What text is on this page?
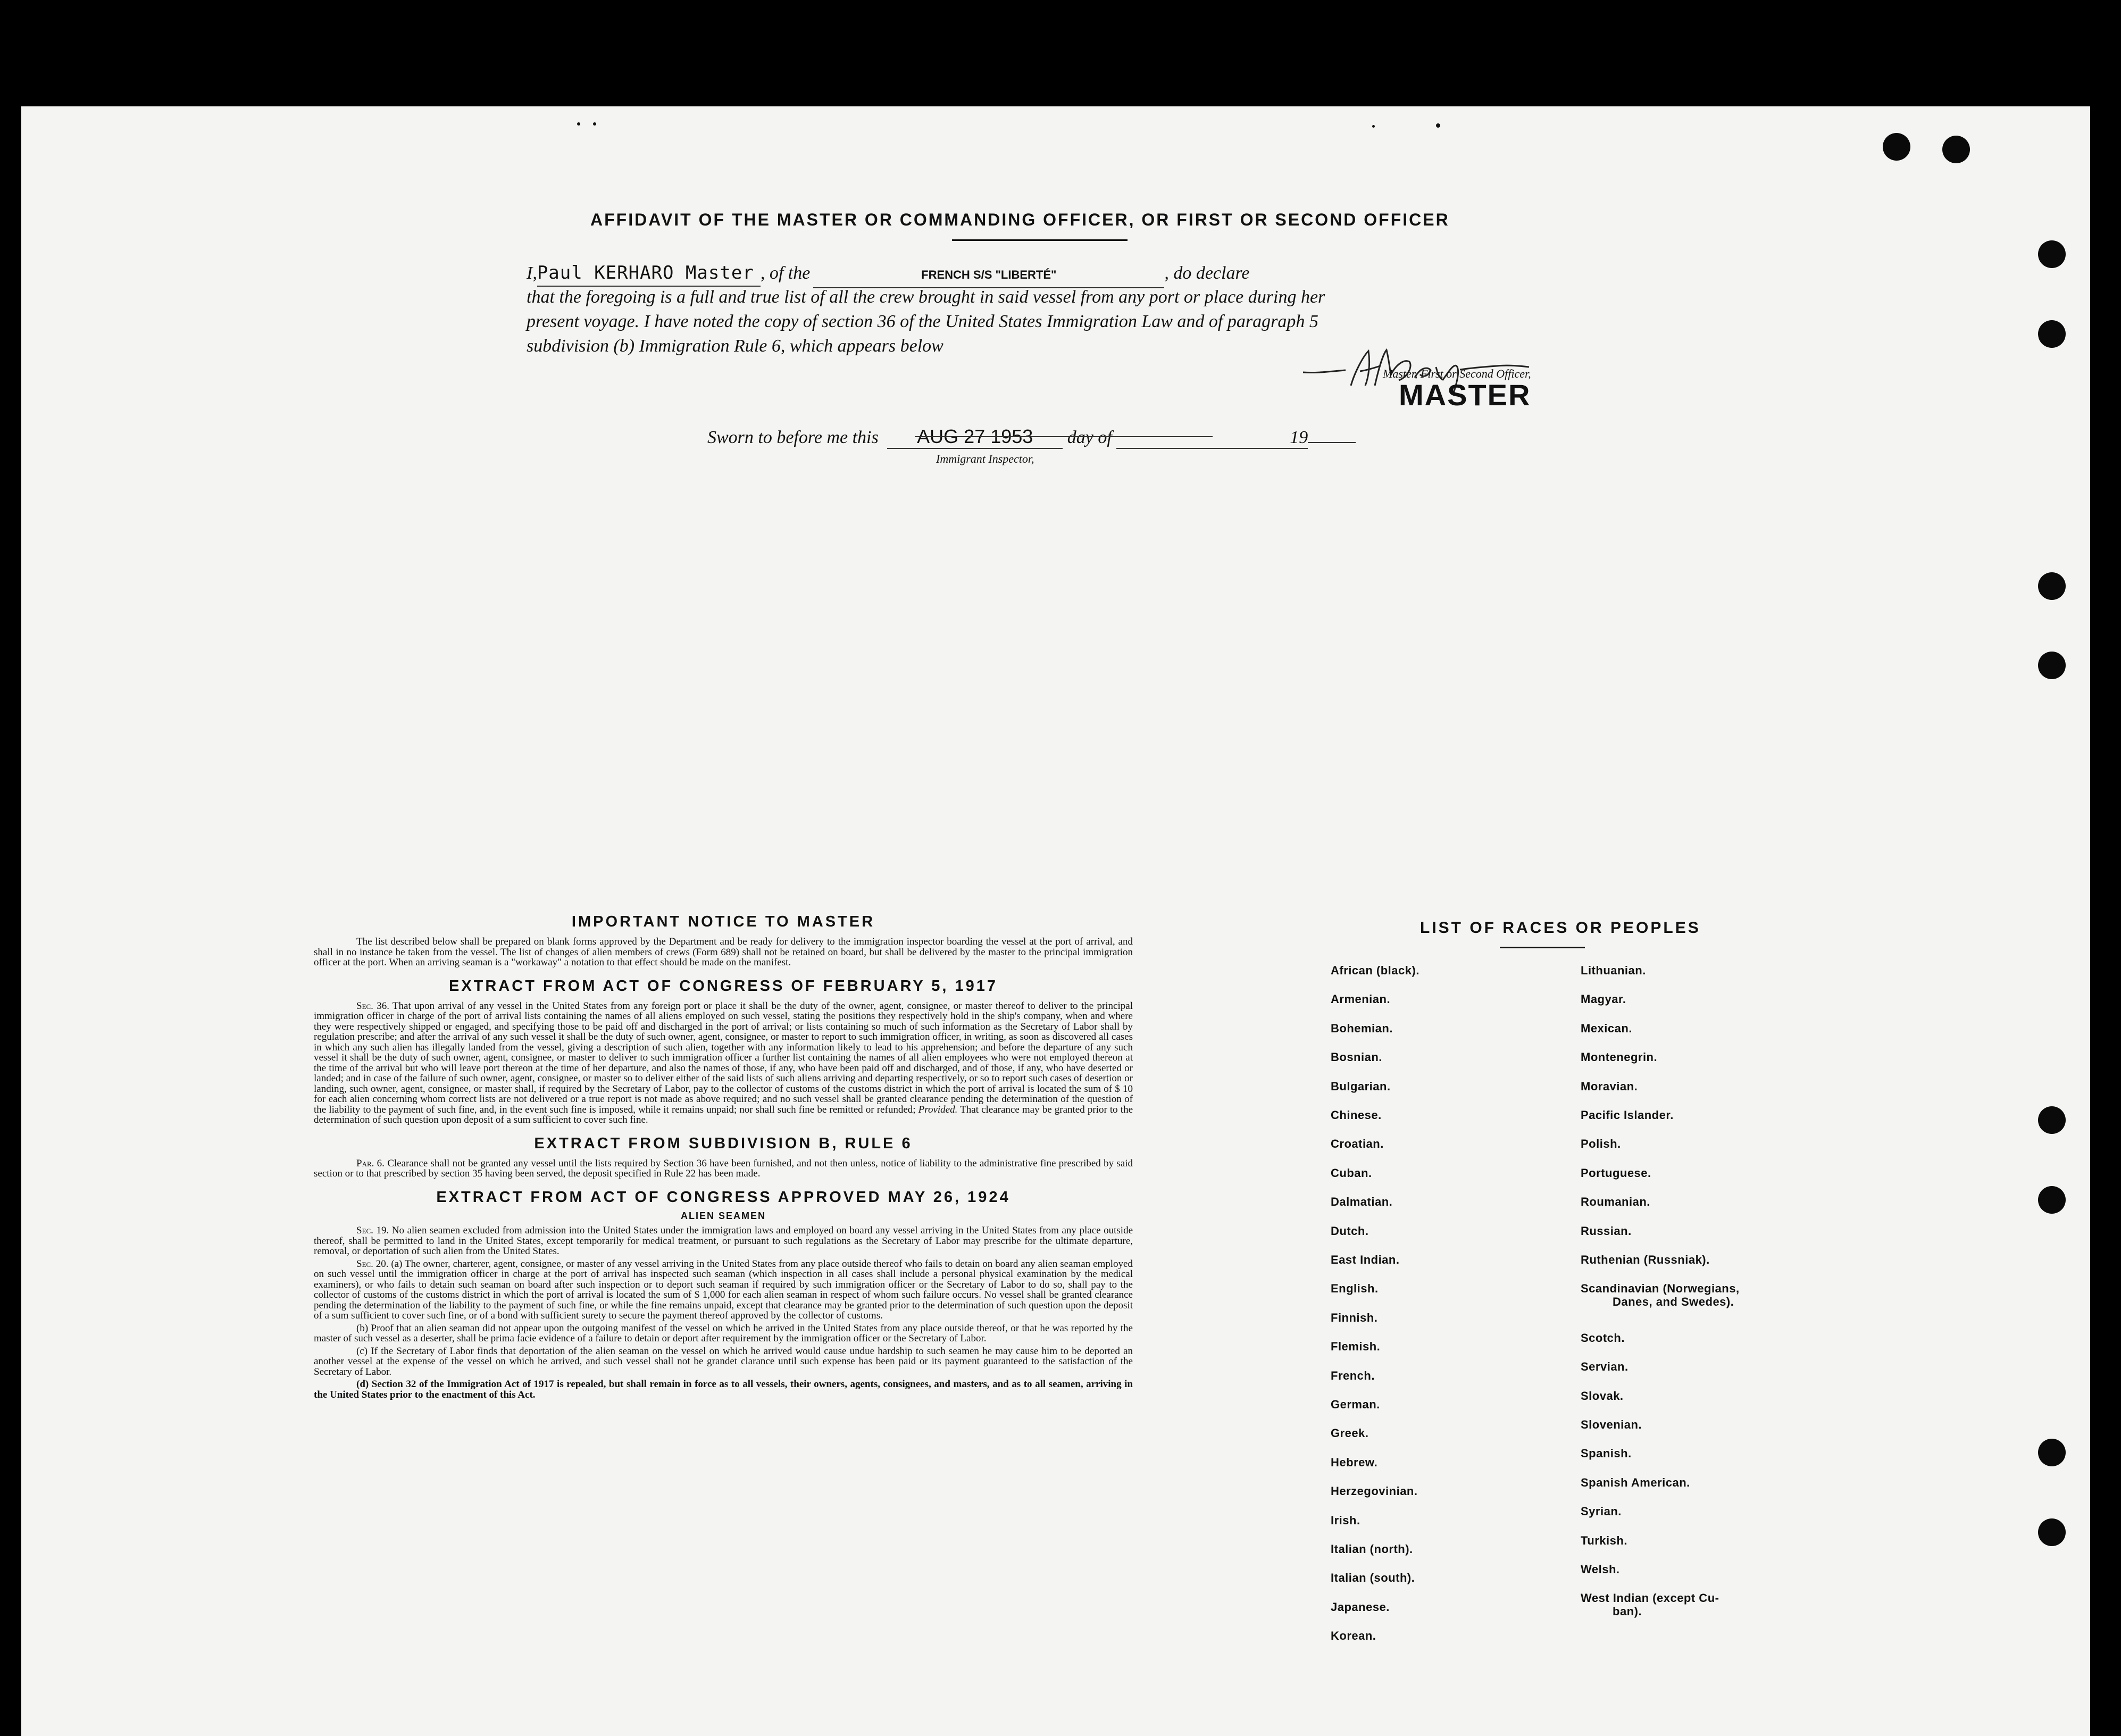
AFFIDAVIT OF THE MASTER OR COMMANDING OFFICER, OR FIRST OR SECOND OFFICER
I,Paul KERHARO Master , of the	FRENCH S/S "LIBERTÉ"	, do declare
that the foregoing is a full and true list of all the crew brought in said vessel from any port or place during her
present voyage. I have noted the copy of section 36 of the United States Immigration Law and of paragraph 5
subdivision (b) Immigration Rule 6, which appears below
Master, First or Second Officer,
MASTER
Sworn to before me this AUG 27 1953 day of	19
Immigrant Inspector,
IMPORTANT NOTICE TO MASTER
The list described below shall be prepared on blank forms approved by the Department and be ready for delivery to the immigration inspector boarding the vessel at the port of arrival, and shall in no instance be taken from the vessel. The list of changes of alien members of crews (Form 689) shall not be retained on board, but shall be delivered by the master to the principal immigration officer at the port. When an arriving seaman is a "workaway" a notation to that effect should be made on the manifest.
EXTRACT FROM ACT OF CONGRESS OF FEBRUARY 5, 1917
Sec. 36. That upon arrival of any vessel in the United States from any foreign port or place it shall be the duty of the owner, agent, consignee, or master thereof to deliver to the principal immigration officer in charge of the port of arrival lists containing the names of all aliens employed on such vessel, stating the positions they respectively hold in the ship's company, when and where they were respectively shipped or engaged, and specifying those to be paid off and discharged in the port of arrival; or lists containing so much of such information as the Secretary of Labor shall by regulation prescribe; and after the arrival of any such vessel it shall be the duty of such owner, agent, consignee, or master to report to such immigration officer, in writing, as soon as discovered all cases in which any such alien has illegally landed from the vessel, giving a description of such alien, together with any information likely to lead to his apprehension; and before the departure of any such vessel it shall be the duty of such owner, agent, consignee, or master to deliver to such immigration officer a further list containing the names of all alien employees who were not employed thereon at the time of the arrival but who will leave port thereon at the time of her departure, and also the names of those, if any, who have been paid off and discharged, and of those, if any, who have deserted or landed; and in case of the failure of such owner, agent, consignee, or master so to deliver either of the said lists of such aliens arriving and departing respectively, or so to report such cases of desertion or landing, such owner, agent, consignee, or master shall, if required by the Secretary of Labor, pay to the collector of customs of the customs district in which the port of arrival is located the sum of $ 10 for each alien concerning whom correct lists are not delivered or a true report is not made as above required; and no such vessel shall be granted clearance pending the determination of the question of the liability to the payment of such fine, and, in the event such fine is imposed, while it remains unpaid; nor shall such fine be remitted or refunded; Provided. That clearance may be granted prior to the determination of such question upon deposit of a sum sufficient to cover such fine.
EXTRACT FROM SUBDIVISION B, RULE 6
Par. 6. Clearance shall not be granted any vessel until the lists required by Section 36 have been furnished, and not then unless, notice of liability to the administrative fine prescribed by said section or to that prescribed by section 35 having been served, the deposit specified in Rule 22 has been made.
EXTRACT FROM ACT OF CONGRESS APPROVED MAY 26, 1924
ALIEN SEAMEN
Sec. 19. No alien seamen excluded from admission into the United States under the immigration laws and employed on board any vessel arriving in the United States from any place outside thereof, shall be permitted to land in the United States, except temporarily for medical treatment, or pursuant to such regulations as the Secretary of Labor may prescribe for the ultimate departure, removal, or deportation of such alien from the United States.
Sec. 20. (a) The owner, charterer, agent, consignee, or master of any vessel arriving in the United States from any place outside thereof who fails to detain on board any alien seaman employed on such vessel until the immigration officer in charge at the port of arrival has inspected such seaman (which inspection in all cases shall include a personal physical examination by the medical examiners), or who fails to detain such seaman on board after such inspection or to deport such seaman if required by such immigration officer or the Secretary of Labor to do so, shall pay to the collector of customs of the customs district in which the port of arrival is located the sum of $ 1,000 for each alien seaman in respect of whom such failure occurs. No vessel shall be granted clearance pending the determination of the liability to the payment of such fine, or while the fine remains unpaid, except that clearance may be granted prior to the determination of such question upon the deposit of a sum sufficient to cover such fine, or of a bond with sufficient surety to secure the payment thereof approved by the collector of customs.
(b) Proof that an alien seaman did not appear upon the outgoing manifest of the vessel on which he arrived in the United States from any place outside thereof, or that he was reported by the master of such vessel as a deserter, shall be prima facie evidence of a failure to detain or deport after requirement by the immigration officer or the Secretary of Labor.
(c) If the Secretary of Labor finds that deportation of the alien seaman on the vessel on which he arrived would cause undue hardship to such seamen he may cause him to be deported an another vessel at the expense of the vessel on which he arrived, and such vessel shall not be grandet clarance until such expense has been paid or its payment guaranteed to the satisfaction of the Secretary of Labor.
(d) Section 32 of the Immigration Act of 1917 is repealed, but shall remain in force as to all vessels, their owners, agents, consignees, and masters, and as to all seamen, arriving in the United States prior to the enactment of this Act.
LIST OF RACES OR PEOPLES
African (black).
Armenian.
Bohemian.
Bosnian.
Bulgarian.
Chinese.
Croatian.
Cuban.
Dalmatian.
Dutch.
East Indian.
English.
Finnish.
Flemish.
French.
German.
Greek.
Hebrew.
Herzegovinian.
Irish.
Italian (north).
Italian (south).
Japanese.
Korean.
Lithuanian.
Magyar.
Mexican.
Montenegrin.
Moravian.
Pacific Islander.
Polish.
Portuguese.
Roumanian.
Russian.
Ruthenian (Russniak).
Scandinavian (Norwegians,
Danes, and Swedes).
Scotch.
Servian.
Slovak.
Slovenian.
Spanish.
Spanish American.
Syrian.
Turkish.
Welsh.
West Indian (except Cu-
ban).
